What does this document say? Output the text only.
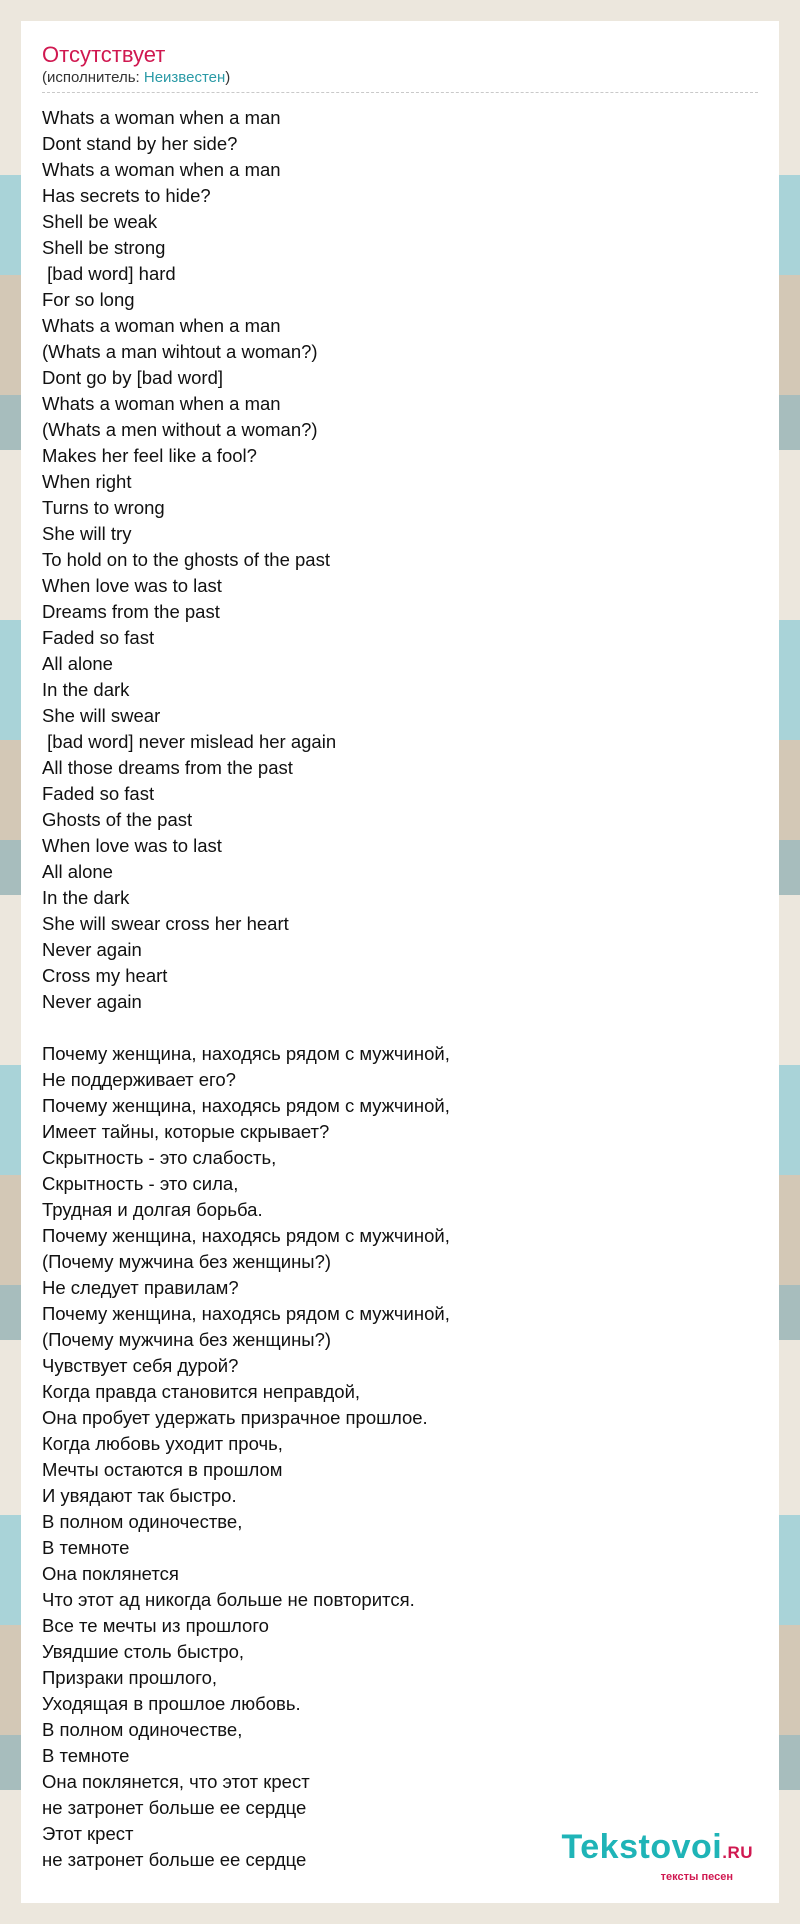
Отсутствует
(исполнитель: Неизвестен)
Whats a woman when a man
Dont stand by her side?
Whats a woman when a man
Has secrets to hide?
Shell be weak
Shell be strong
[bad word] hard
For so long
Whats a woman when a man
(Whats a man wihtout a woman?)
Dont go by [bad word]
Whats a woman when a man
(Whats a men without a woman?)
Makes her feel like a fool?
When right
Turns to wrong
She will try
To hold on to the ghosts of the past
When love was to last
Dreams from the past
Faded so fast
All alone
In the dark
She will swear
[bad word] never mislead her again
All those dreams from the past
Faded so fast
Ghosts of the past
When love was to last
All alone
In the dark
She will swear cross her heart
Never again
Cross my heart
Never again
Почему женщина, находясь рядом с мужчиной,
Не поддерживает его?
Почему женщина, находясь рядом с мужчиной,
Имеет тайны, которые скрывает?
Скрытность - это слабость,
Скрытность - это сила,
Трудная и долгая борьба.
Почему женщина, находясь рядом с мужчиной,
(Почему мужчина без женщины?)
Не следует правилам?
Почему женщина, находясь рядом с мужчиной,
(Почему мужчина без женщины?)
Чувствует себя дурой?
Когда правда становится неправдой,
Она пробует удержать призрачное прошлое.
Когда любовь уходит прочь,
Мечты остаются в прошлом
И увядают так быстро.
В полном одиночестве,
В темноте
Она поклянется
Что этот ад никогда больше не повторится.
Все те мечты из прошлого
Увядшие столь быстро,
Призраки прошлого,
Уходящая в прошлое любовь.
В полном одиночестве,
В темноте
Она поклянется, что этот крест
не затронет больше ее сердце
Этот крест
не затронет больше ее сердце	Tekstovoi.RU
тексты песен
